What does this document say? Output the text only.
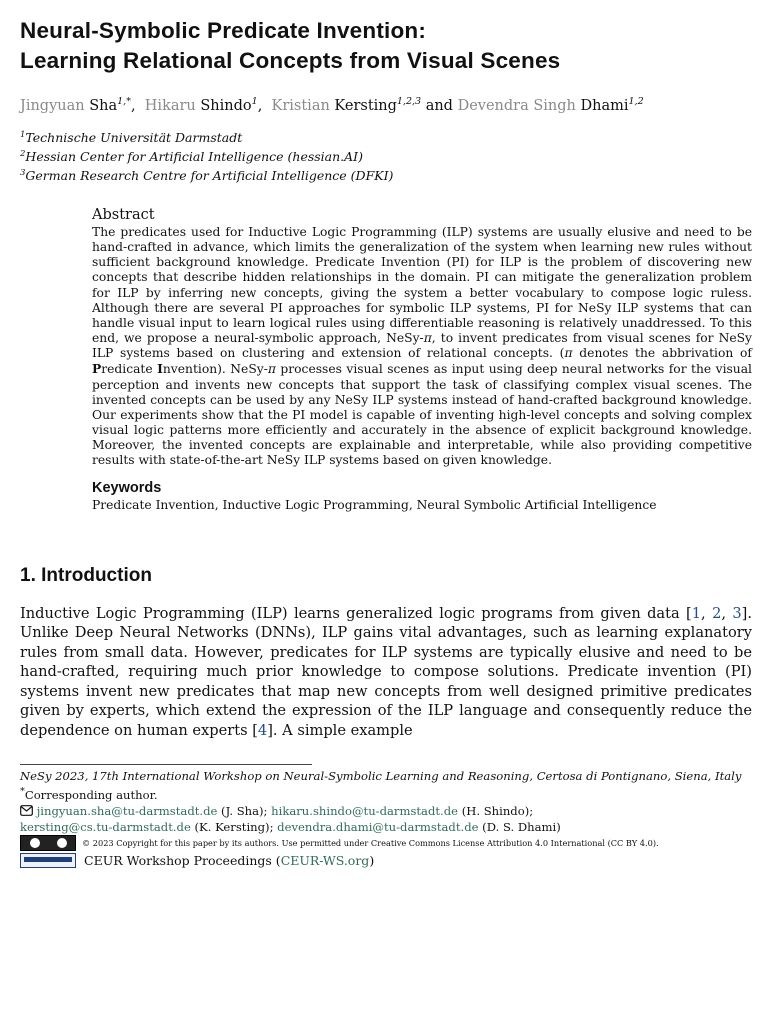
Neural-Symbolic Predicate Invention:
Learning Relational Concepts from Visual Scenes
Jingyuan Sha$^{1,*}$,  Hikaru Shindo$^1$,  Kristian Kersting$^{1,2,3}$ and Devendra Singh Dhami$^{1,2}$
$^1$Technische Universität Darmstadt
$^2$Hessian Center for Artificial Intelligence (hessian.AI)
$^3$German Research Centre for Artificial Intelligence (DFKI)
Abstract

The predicates used for Inductive Logic Programming (ILP) systems are usually elusive and need to be hand-crafted in advance, which limits the generalization of the system when learning new rules without sufficient background knowledge. Predicate Invention (PI) for ILP is the problem of discovering new concepts that describe hidden relationships in the domain. PI can mitigate the generalization problem for ILP by inferring new concepts, giving the system a better vocabulary to compose logic ruless. Although there are several PI approaches for symbolic ILP systems, PI for NeSy ILP systems that can handle visual input to learn logical rules using differentiable reasoning is relatively unaddressed. To this end, we propose a neural-symbolic approach, NeSy-π, to invent predicates from visual scenes for NeSy ILP systems based on clustering and extension of relational concepts. (π denotes the abbrivation of Predicate Invention). NeSy-π processes visual scenes as input using deep neural networks for the visual perception and invents new concepts that support the task of classifying complex visual scenes. The invented concepts can be used by any NeSy ILP systems instead of hand-crafted background knowledge. Our experiments show that the PI model is capable of inventing high-level concepts and solving complex visual logic patterns more efficiently and accurately in the absence of explicit background knowledge. Moreover, the invented concepts are explainable and interpretable, while also providing competitive results with state-of-the-art NeSy ILP systems based on given knowledge.

Keywords
Predicate Invention, Inductive Logic Programming, Neural Symbolic Artificial Intelligence
1. Introduction

Inductive Logic Programming (ILP) learns generalized logic programs from given data [1, 2, 3]. Unlike Deep Neural Networks (DNNs), ILP gains vital advantages, such as learning explanatory rules from small data. However, predicates for ILP systems are typically elusive and need to be hand-crafted, requiring much prior knowledge to compose solutions. Predicate invention (PI) systems invent new predicates that map new concepts from well designed primitive predicates given by experts, which extend the expression of the ILP language and consequently reduce the dependence on human experts [4]. A simple example

NeSy 2023, 17th International Workshop on Neural-Symbolic Learning and Reasoning, Certosa di Pontignano, Siena, Italy
*Corresponding author.
jingyuan.sha@tu-darmstadt.de (J. Sha); hikaru.shindo@tu-darmstadt.de (H. Shindo);
kersting@cs.tu-darmstadt.de (K. Kersting); devendra.dhami@tu-darmstadt.de (D. S. Dhami)
© 2023 Copyright for this paper by its authors. Use permitted under Creative Commons License Attribution 4.0 International (CC BY 4.0).
CEUR Workshop Proceedings (CEUR-WS.org)
